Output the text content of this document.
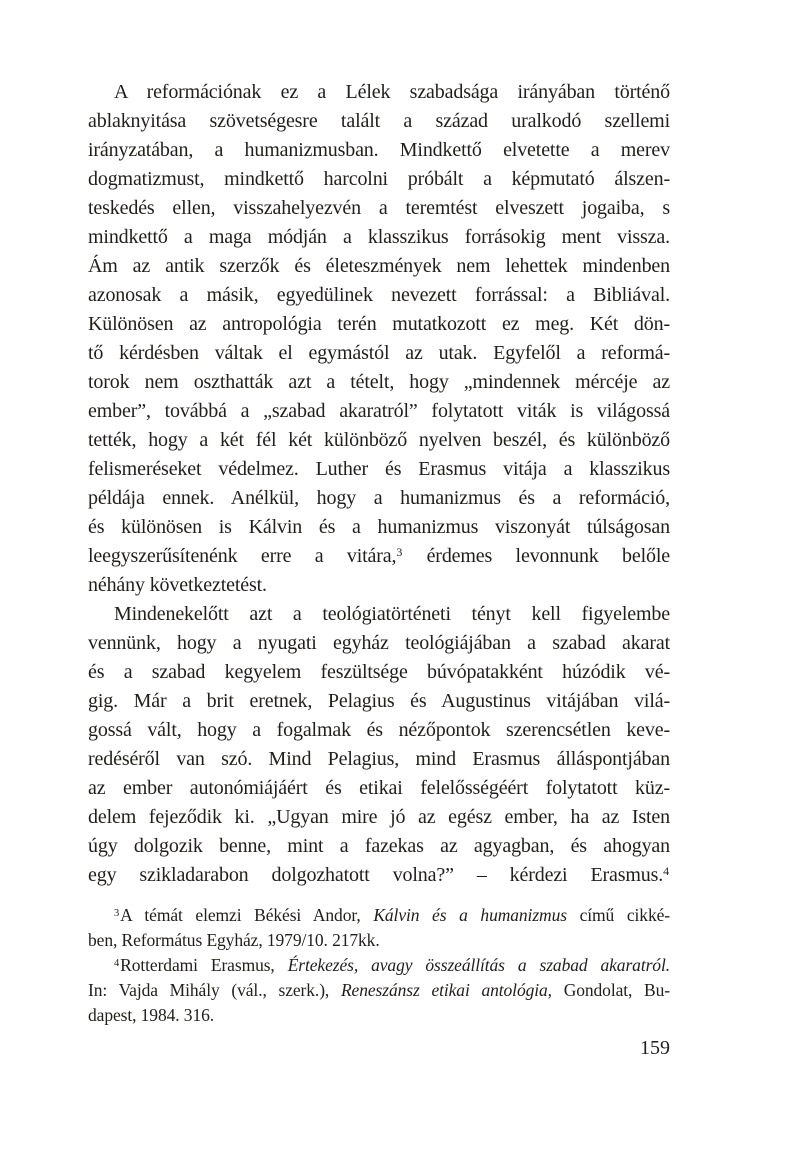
A reformációnak ez a Lélek szabadsága irányában történő
ablaknyitása szövetségesre talált a század uralkodó szellemi
irányzatában, a humanizmusban. Mindkettő elvetette a merev
dogmatizmust, mindkettő harcolni próbált a képmutató álszen-
teskedés ellen, visszahelyezvén a teremtést elveszett jogaiba, s
mindkettő a maga módján a klasszikus forrásokig ment vissza.
Ám az antik szerzők és életeszmények nem lehettek mindenben
azonosak a másik, egyedülinek nevezett forrással: a Bibliával.
Különösen az antropológia terén mutatkozott ez meg. Két dön-
tő kérdésben váltak el egymástól az utak. Egyfelől a reformá-
torok nem oszthatták azt a tételt, hogy „mindennek mércéje az
ember”, továbbá a „szabad akaratról” folytatott viták is világossá
tették, hogy a két fél két különböző nyelven beszél, és különböző
felismeréseket védelmez. Luther és Erasmus vitája a klasszikus
példája ennek. Anélkül, hogy a humanizmus és a reformáció,
és különösen is Kálvin és a humanizmus viszonyát túlságosan
leegyszerűsítenénk erre a vitára,$^3$ érdemes levonnunk belőle
néhány következtetést.
Mindenekelőtt azt a teológiatörténeti tényt kell figyelembe
vennünk, hogy a nyugati egyház teológiájában a szabad akarat
és a szabad kegyelem feszültsége búvópatakként húzódik vé-
gig. Már a brit eretnek, Pelagius és Augustinus vitájában vilá-
gossá vált, hogy a fogalmak és nézőpontok szerencsétlen keve-
redéséről van szó. Mind Pelagius, mind Erasmus álláspontjában
az ember autonómiájáért és etikai felelősségéért folytatott küz-
delem fejeződik ki. „Ugyan mire jó az egész ember, ha az Isten
úgy dolgozik benne, mint a fazekas az agyagban, és ahogyan
egy szikladarabon dolgozhatott volna?” – kérdezi Erasmus.$^4$
$^3$A témát elemzi Békési Andor, Kálvin és a humanizmus című cikké-
ben, Református Egyház, 1979/10. 217kk.
$^4$Rotterdami Erasmus, Értekezés, avagy összeállítás a szabad akaratról.
In: Vajda Mihály (vál., szerk.), Reneszánsz etikai antológia, Gondolat, Bu-
dapest, 1984. 316.
159
